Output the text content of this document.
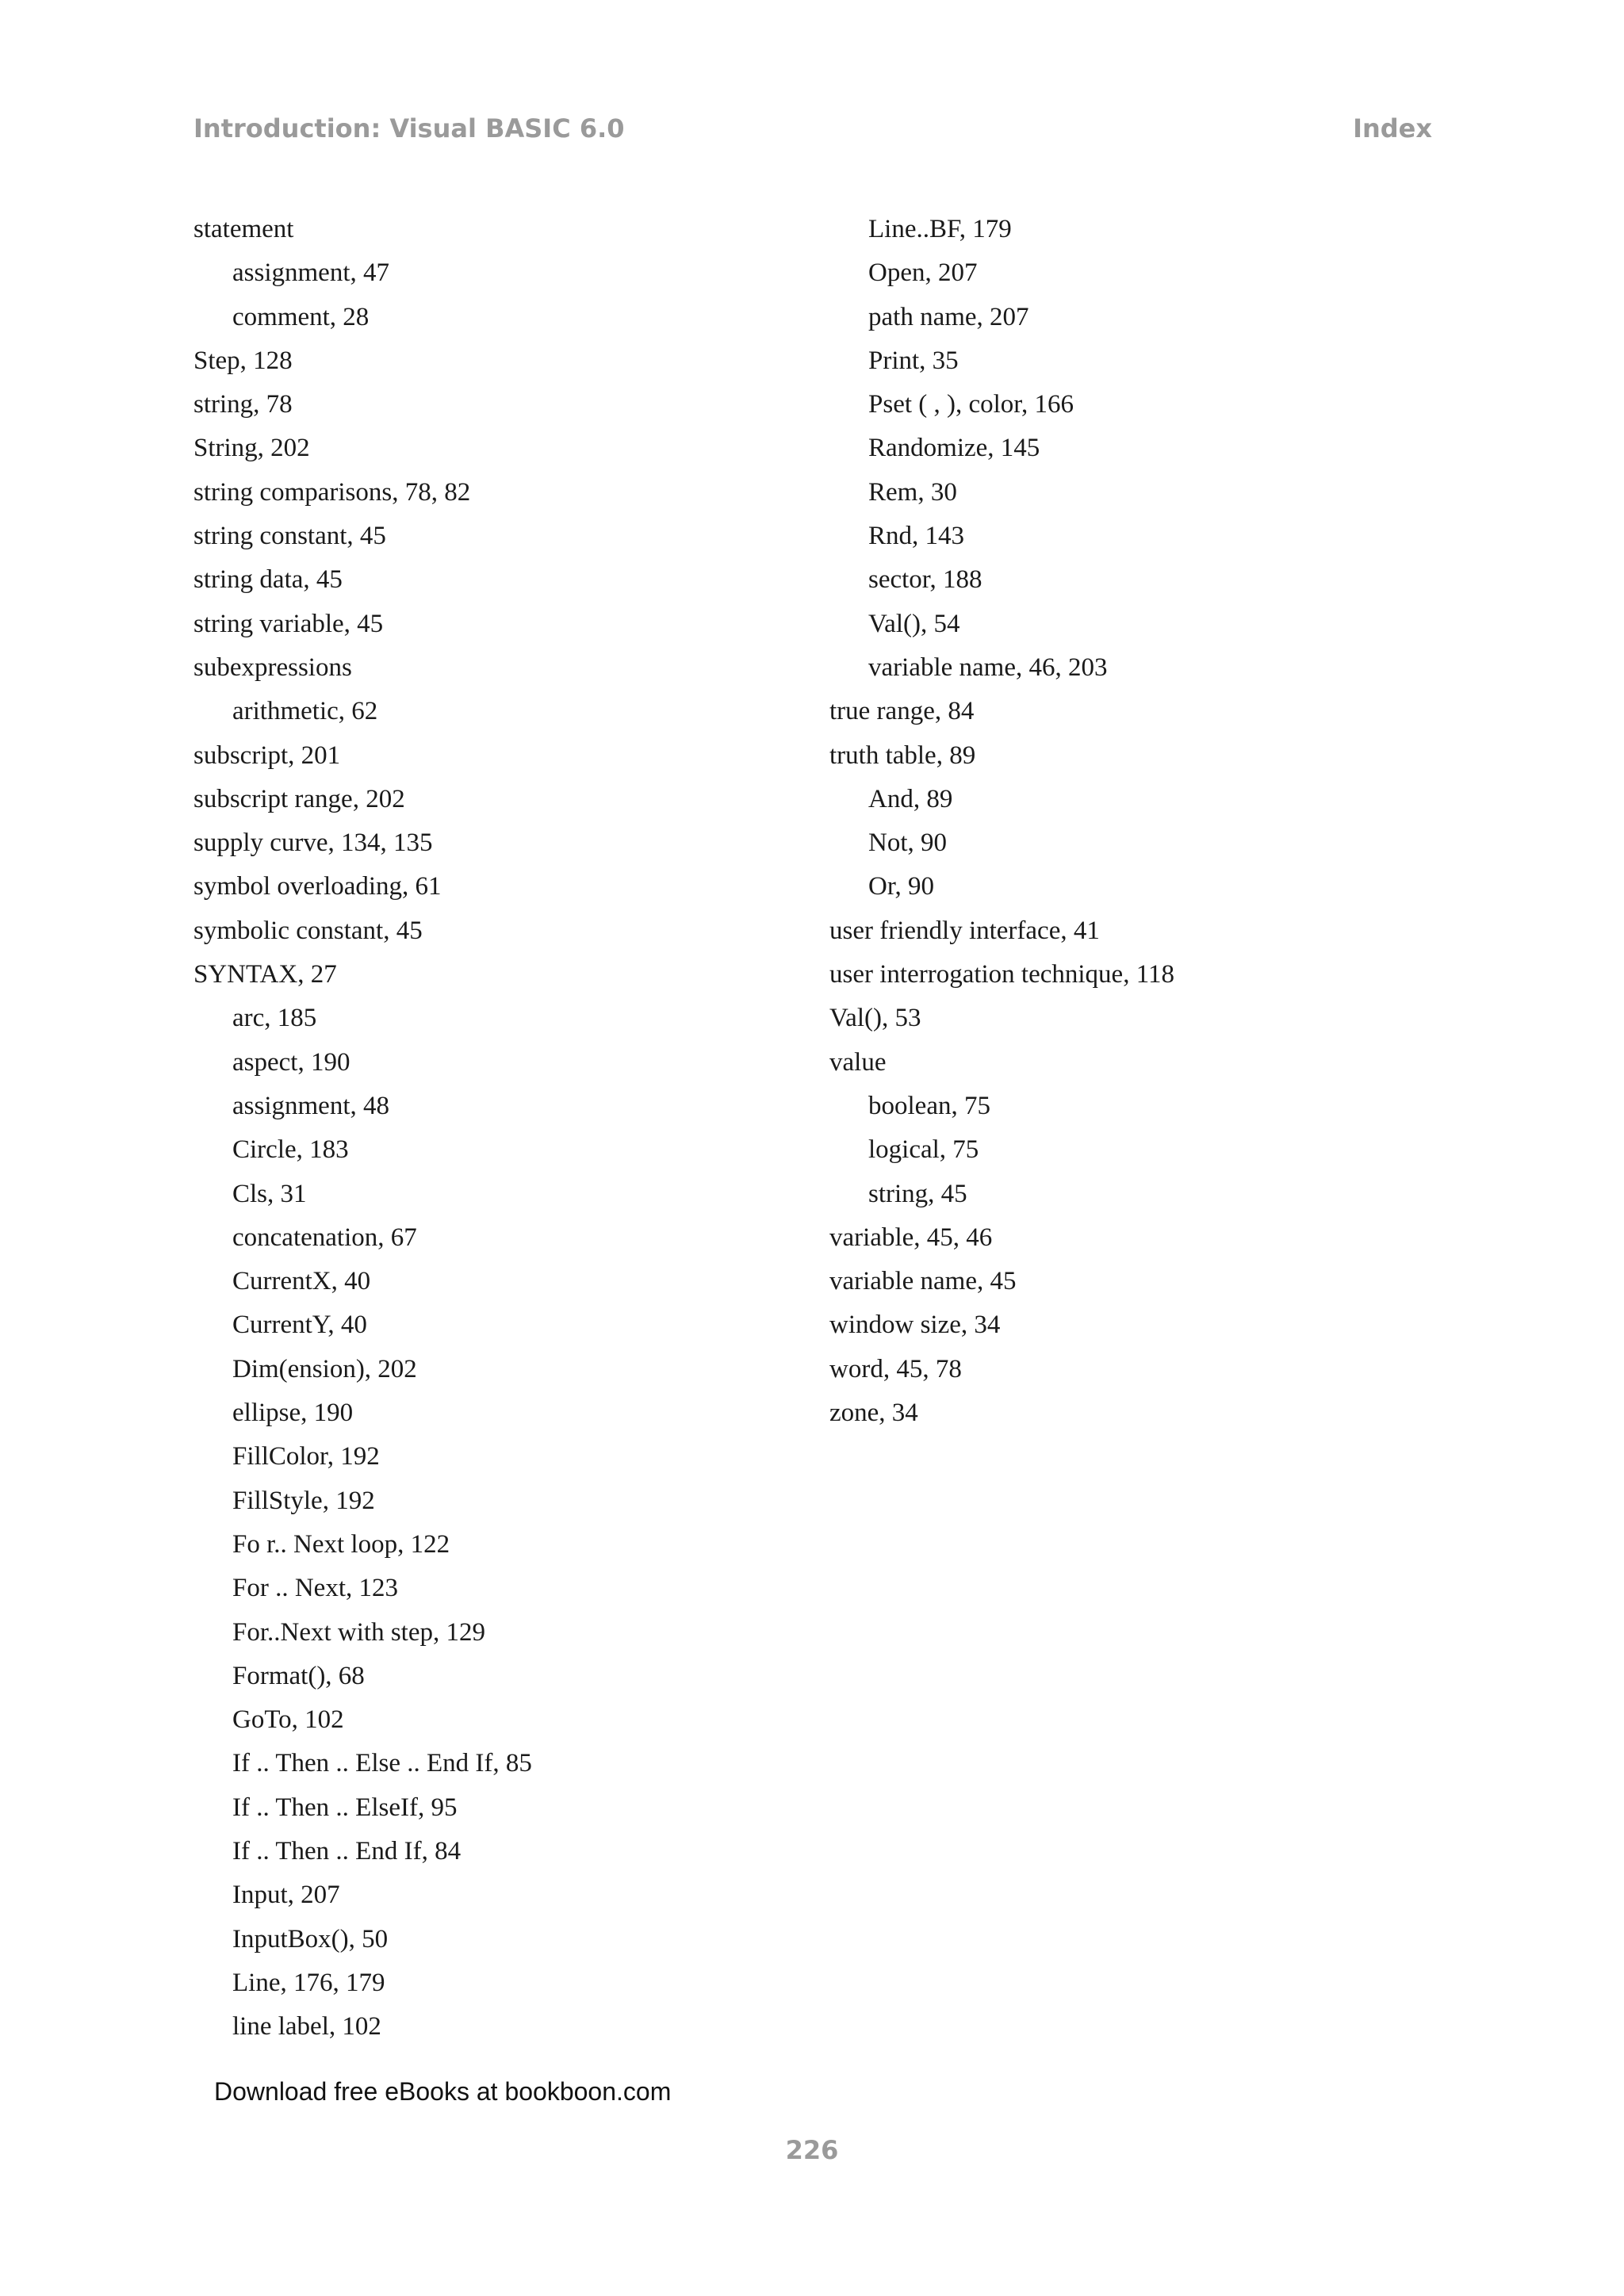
Introduction: Visual BASIC 6.0	Index
statement
assignment, 47
comment, 28
Step, 128
string, 78
String, 202
string comparisons, 78, 82
string constant, 45
string data, 45
string variable, 45
subexpressions
arithmetic, 62
subscript, 201
subscript range, 202
supply curve, 134, 135
symbol overloading, 61
symbolic constant, 45
SYNTAX, 27
arc, 185
aspect, 190
assignment, 48
Circle, 183
Cls, 31
concatenation, 67
CurrentX, 40
CurrentY, 40
Dim(ension), 202
ellipse, 190
FillColor, 192
FillStyle, 192
Fo r.. Next loop, 122
For .. Next, 123
For..Next with step, 129
Format(), 68
GoTo, 102
If .. Then .. Else .. End If, 85
If .. Then .. ElseIf, 95
If .. Then .. End If, 84
Input, 207
InputBox(), 50
Line, 176, 179
line label, 102
Line..BF, 179
Open, 207
path name, 207
Print, 35
Pset ( , ), color, 166
Randomize, 145
Rem, 30
Rnd, 143
sector, 188
Val(), 54
variable name, 46, 203
true range, 84
truth table, 89
And, 89
Not, 90
Or, 90
user friendly interface, 41
user interrogation technique, 118
Val(), 53
value
boolean, 75
logical, 75
string, 45
variable, 45, 46
variable name, 45
window size, 34
word, 45, 78
zone, 34
Download free eBooks at bookboon.com
226
